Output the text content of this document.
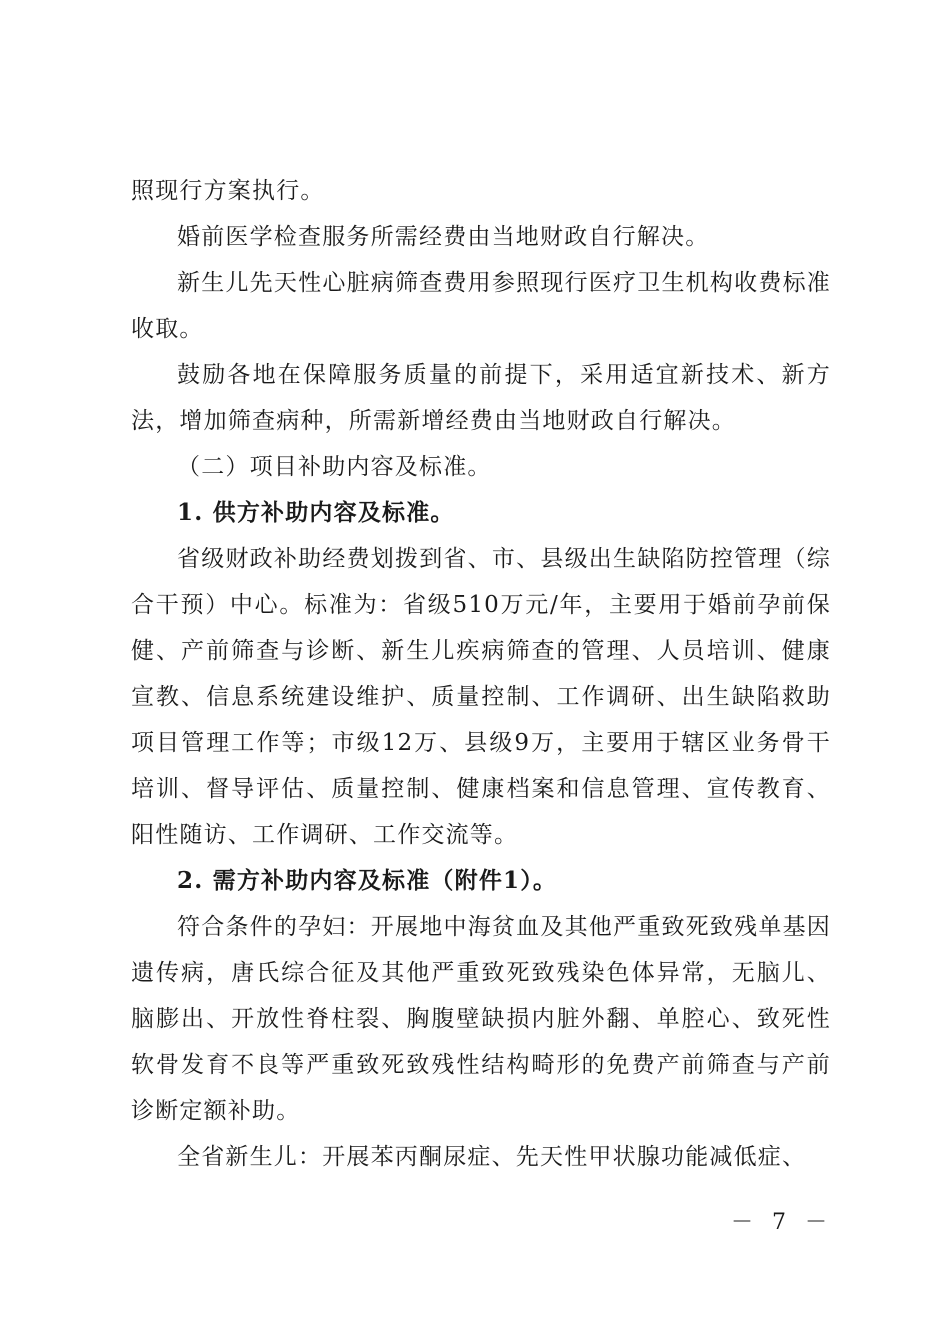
照现行方案执行。

婚前医学检查服务所需经费由当地财政自行解决。

新生儿先天性心脏病筛查费用参照现行医疗卫生机构收费标准收取。

鼓励各地在保障服务质量的前提下，采用适宜新技术、新方法，增加筛查病种，所需新增经费由当地财政自行解决。

（二）项目补助内容及标准。

1. 供方补助内容及标准。

省级财政补助经费划拨到省、市、县级出生缺陷防控管理（综合干预）中心。标准为：省级510万元/年，主要用于婚前孕前保健、产前筛查与诊断、新生儿疾病筛查的管理、人员培训、健康宣教、信息系统建设维护、质量控制、工作调研、出生缺陷救助项目管理工作等；市级12万、县级9万，主要用于辖区业务骨干培训、督导评估、质量控制、健康档案和信息管理、宣传教育、阳性随访、工作调研、工作交流等。

2. 需方补助内容及标准（附件1）。

符合条件的孕妇：开展地中海贫血及其他严重致死致残单基因遗传病，唐氏综合征及其他严重致死致残染色体异常，无脑儿、脑膨出、开放性脊柱裂、胸腹壁缺损内脏外翻、单腔心、致死性软骨发育不良等严重致死致残性结构畸形的免费产前筛查与产前诊断定额补助。

全省新生儿：开展苯丙酮尿症、先天性甲状腺功能减低症、

－ 7 －
